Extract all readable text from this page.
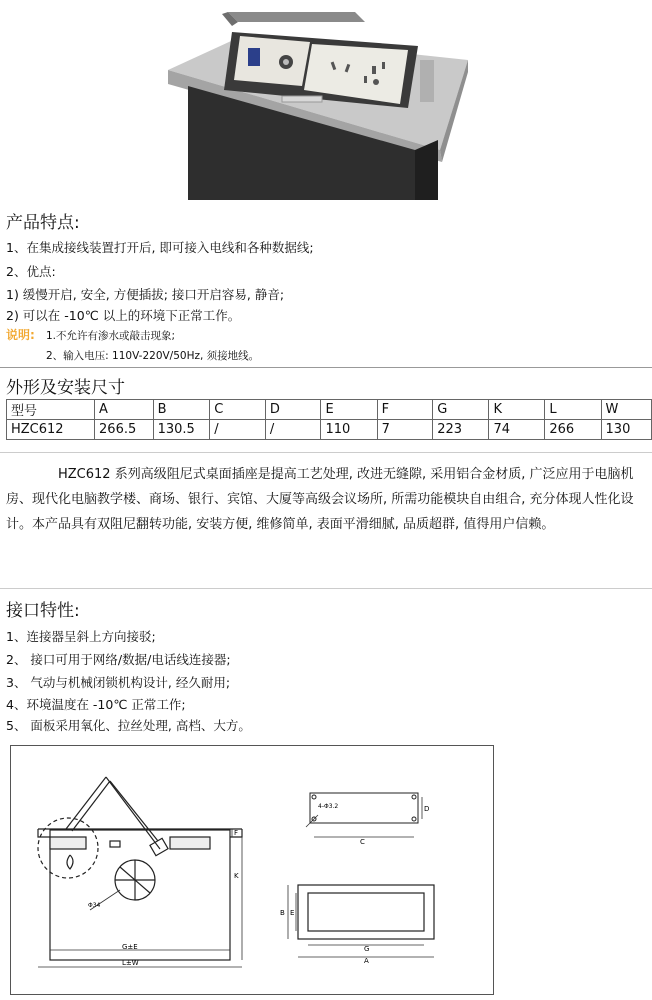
产品特点:
1、在集成接线装置打开后, 即可接入电线和各种数据线;
2、优点:
1) 缓慢开启, 安全, 方便插拔; 接口开启容易, 静音;
2) 可以在 -10℃ 以上的环境下正常工作。
说明: 1.不允许有渗水或敲击现象;
2、输入电压: 110V-220V/50Hz, 须接地线。
外形及安装尺寸
型号	A	B	C	D	E	F	G	K	L	W
HZC612	266.5	130.5	/	/	110	7	223	74	266	130
HZC612 系列高级阻尼式桌面插座是提高工艺处理, 改进无缝隙, 采用铝合金材质, 广泛应用于电脑机房、现代化电脑教学楼、商场、银行、宾馆、大厦等高级会议场所, 所需功能模块自由组合, 充分体现人性化设计。本产品具有双阻尼翻转功能, 安装方便, 维修简单, 表面平滑细腻, 品质超群, 值得用户信赖。
接口特性:
1、连接器呈斜上方向接驳;
2、 接口可用于网络/数据/电话线连接器;
3、 气动与机械闭锁机构设计, 经久耐用;
4、环境温度在 -10℃ 正常工作;
5、 面板采用氧化、拉丝处理, 高档、大方。
G±E
L±W
F
K
Φ34
C
D
4-Φ3.2
G
A
B E
